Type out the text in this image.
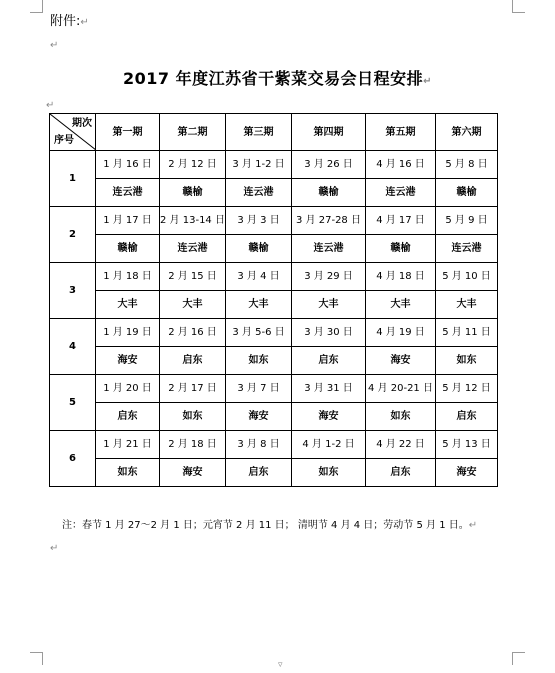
附件:↵
↵
2017 年度江苏省干紫菜交易会日程安排↵
↵
期次
序号	第一期	第二期	第三期	第四期	第五期	第六期
1	1 月 16 日	2 月 12 日	3 月 1-2 日	3 月 26 日	4 月 16 日	5 月 8 日
	连云港	赣榆	连云港	赣榆	连云港	赣榆
2	1 月 17 日	2 月 13-14 日	3 月 3 日	3 月 27-28 日	4 月 17 日	5 月 9 日
	赣榆	连云港	赣榆	连云港	赣榆	连云港
3	1 月 18 日	2 月 15 日	3 月 4 日	3 月 29 日	4 月 18 日	5 月 10 日
	大丰	大丰	大丰	大丰	大丰	大丰
4	1 月 19 日	2 月 16 日	3 月 5-6 日	3 月 30 日	4 月 19 日	5 月 11 日
	海安	启东	如东	启东	海安	如东
5	1 月 20 日	2 月 17 日	3 月 7 日	3 月 31 日	4 月 20-21 日	5 月 12 日
	启东	如东	海安	海安	如东	启东
6	1 月 21 日	2 月 18 日	3 月 8 日	4 月 1-2 日	4 月 22 日	5 月 13 日
	如东	海安	启东	如东	启东	海安
注：春节 1 月 27～2 月 1 日；元宵节 2 月 11 日； 清明节 4 月 4 日；劳动节 5 月 1 日。↵
↵
▿
